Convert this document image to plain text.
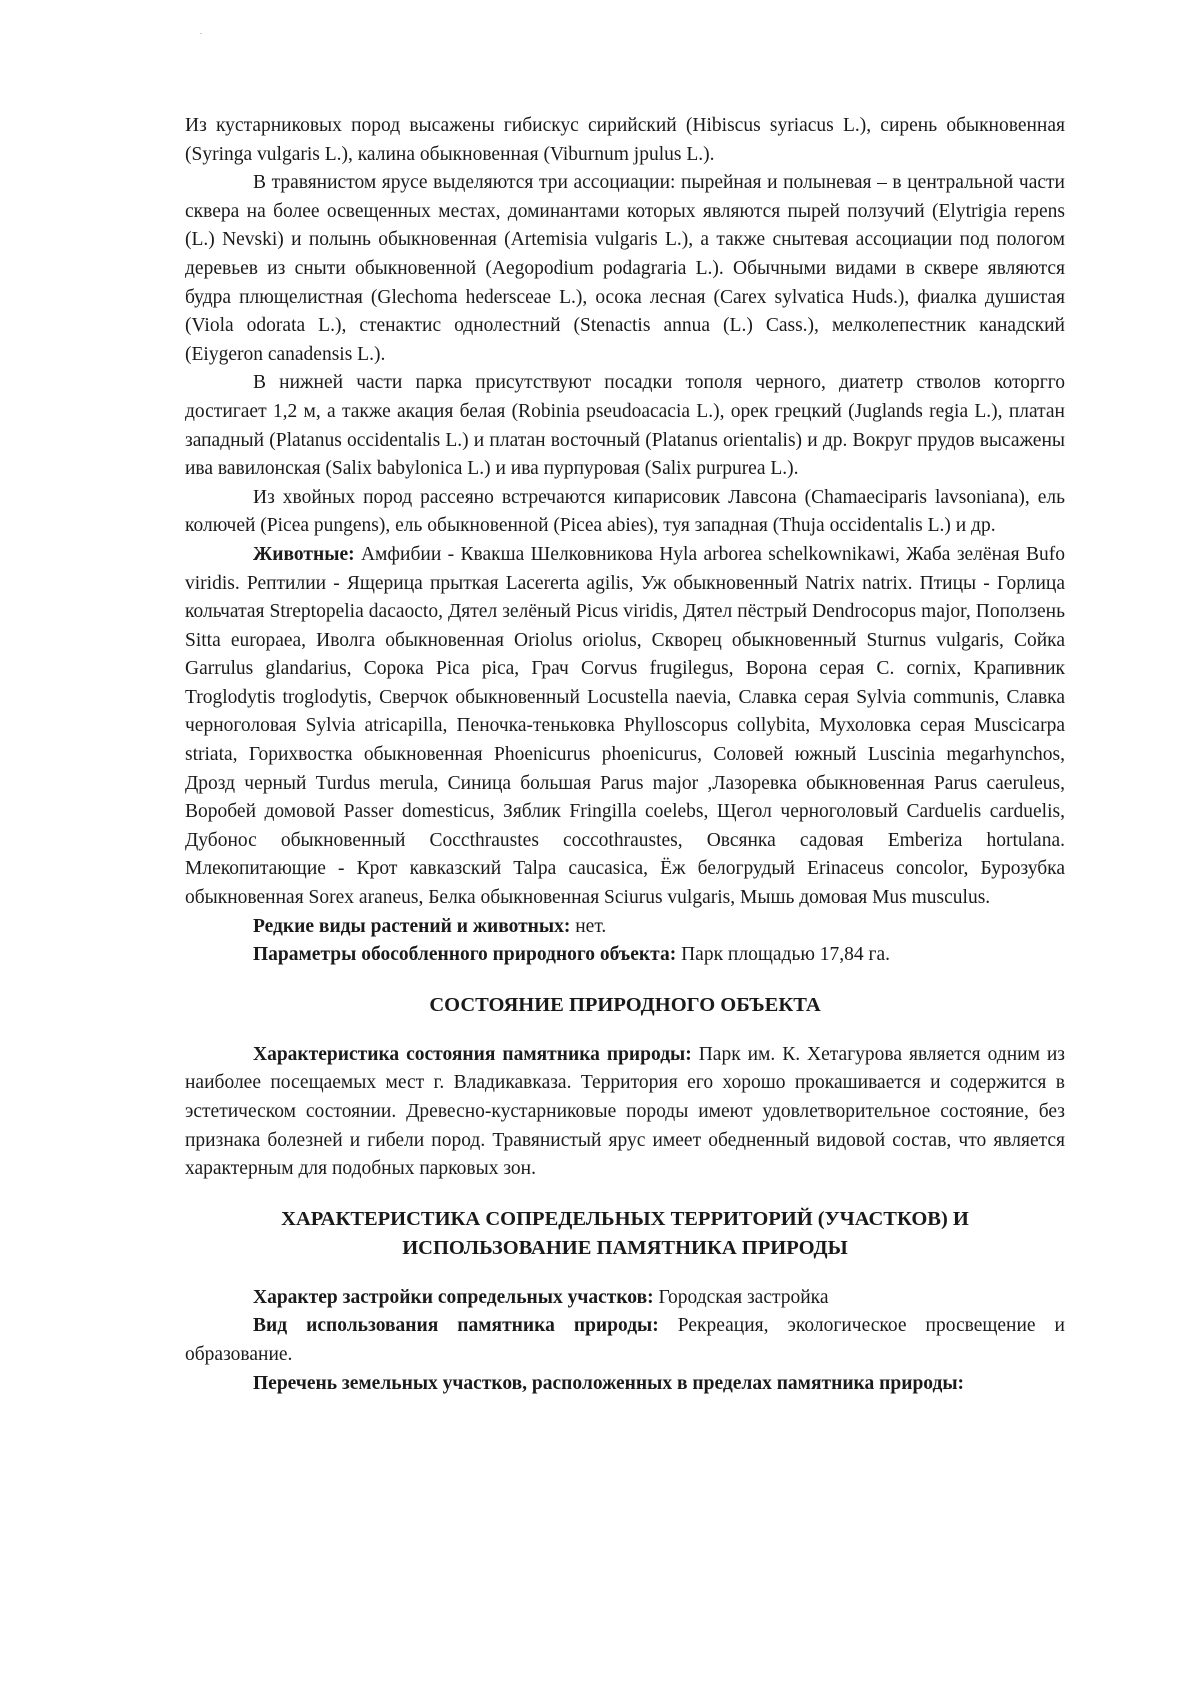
Из кустарниковых пород высажены гибискус сирийский (Hibiscus syriacus L.), сирень обыкновенная (Syringa vulgaris L.), калина обыкновенная (Viburnum jpulus L.).

В травянистом ярусе выделяются три ассоциации: пырейная и полыневая – в центральной части сквера на более освещенных местах, доминантами которых являются пырей ползучий (Elytrigia repens (L.) Nevski) и полынь обыкновенная (Artemisia vulgaris L.), а также снытевая ассоциации под пологом деревьев из сныти обыкновенной (Aegopodium podagraria L.). Обычными видами в сквере являются будра плющелистная (Glechoma hedersceae L.), осока лесная (Carex sylvatica Huds.), фиалка душистая (Viola odorata L.), стенактис однолестний (Stenactis annua (L.) Cass.), мелколепестник канадский (Eiygeron canadensis L.).

В нижней части парка присутствуют посадки тополя черного, диатетр стволов которгго достигает 1,2 м, а также акация белая (Robinia pseudoacacia L.), орек грецкий (Juglands regia L.), платан западный (Platanus occidentalis L.) и платан восточный (Platanus orientalis) и др. Вокруг прудов высажены ива вавилонская (Salix babylonica L.) и ива пурпуровая (Salix purpurea L.).

Из хвойных пород рассеяно встречаются кипарисовик Лавсона (Chamaeciparis lavsoniana), ель колючей (Picea pungens), ель обыкновенной (Picea abies), туя западная (Thuja occidentalis L.) и др.

Животные: Амфибии - Квакша Шелковникова Hyla arborea schelkownikawi, Жаба зелёная Bufo viridis. Рептилии - Ящерица прыткая Lacererta agilis, Уж обыкновенный Natrix natrix. Птицы - Горлица кольчатая Streptopelia dacaocto, Дятел зелёный Picus viridis, Дятел пёстрый Dendrocopus major, Поползень Sitta europaea, Иволга обыкновенная Oriolus oriolus, Скворец обыкновенный Sturnus vulgaris, Сойка Garrulus glandarius, Сорока Pica pica, Грач Corvus frugilegus, Ворона серая C. cornix, Крапивник Troglodytis troglodytis, Сверчок обыкновенный Locustella naevia, Славка серая Sylvia communis, Славка черноголовая Sylvia atricapilla, Пеночка-теньковка Phylloscopus collybita, Мухоловка серая Muscicarpa striata, Горихвостка обыкновенная Phoenicurus phoenicurus, Соловей южный Luscinia megarhynchos, Дрозд черный Turdus merula, Синица большая Parus major ,Лазоревка обыкновенная Parus caeruleus, Воробей домовой Passer domesticus, Зяблик Fringilla coelebs, Щегол черноголовый Carduelis carduelis, Дубонос обыкновенный Coccthraustes coccothraustes, Овсянка садовая Emberiza hortulana. Млекопитающие - Крот кавказский Talpa caucasica, Ёж белогрудый Erinaceus concolor, Бурозубка обыкновенная Sorex araneus, Белка обыкновенная Sciurus vulgaris, Мышь домовая Mus musculus.

Редкие виды растений и животных: нет.

Параметры обособленного природного объекта: Парк площадью 17,84 га.

СОСТОЯНИЕ ПРИРОДНОГО ОБЪЕКТА

Характеристика состояния памятника природы: Парк им. К. Хетагурова является одним из наиболее посещаемых мест г. Владикавказа. Территория его хорошо прокашивается и содержится в эстетическом состоянии. Древесно-кустарниковые породы имеют удовлетворительное состояние, без признака болезней и гибели пород. Травянистый ярус имеет обедненный видовой состав, что является характерным для подобных парковых зон.

ХАРАКТЕРИСТИКА СОПРЕДЕЛЬНЫХ ТЕРРИТОРИЙ (УЧАСТКОВ) И
ИСПОЛЬЗОВАНИЕ ПАМЯТНИКА ПРИРОДЫ

Характер застройки сопредельных участков: Городская застройка

Вид использования памятника природы: Рекреация, экологическое просвещение и образование.

Перечень земельных участков, расположенных в пределах памятника природы:
